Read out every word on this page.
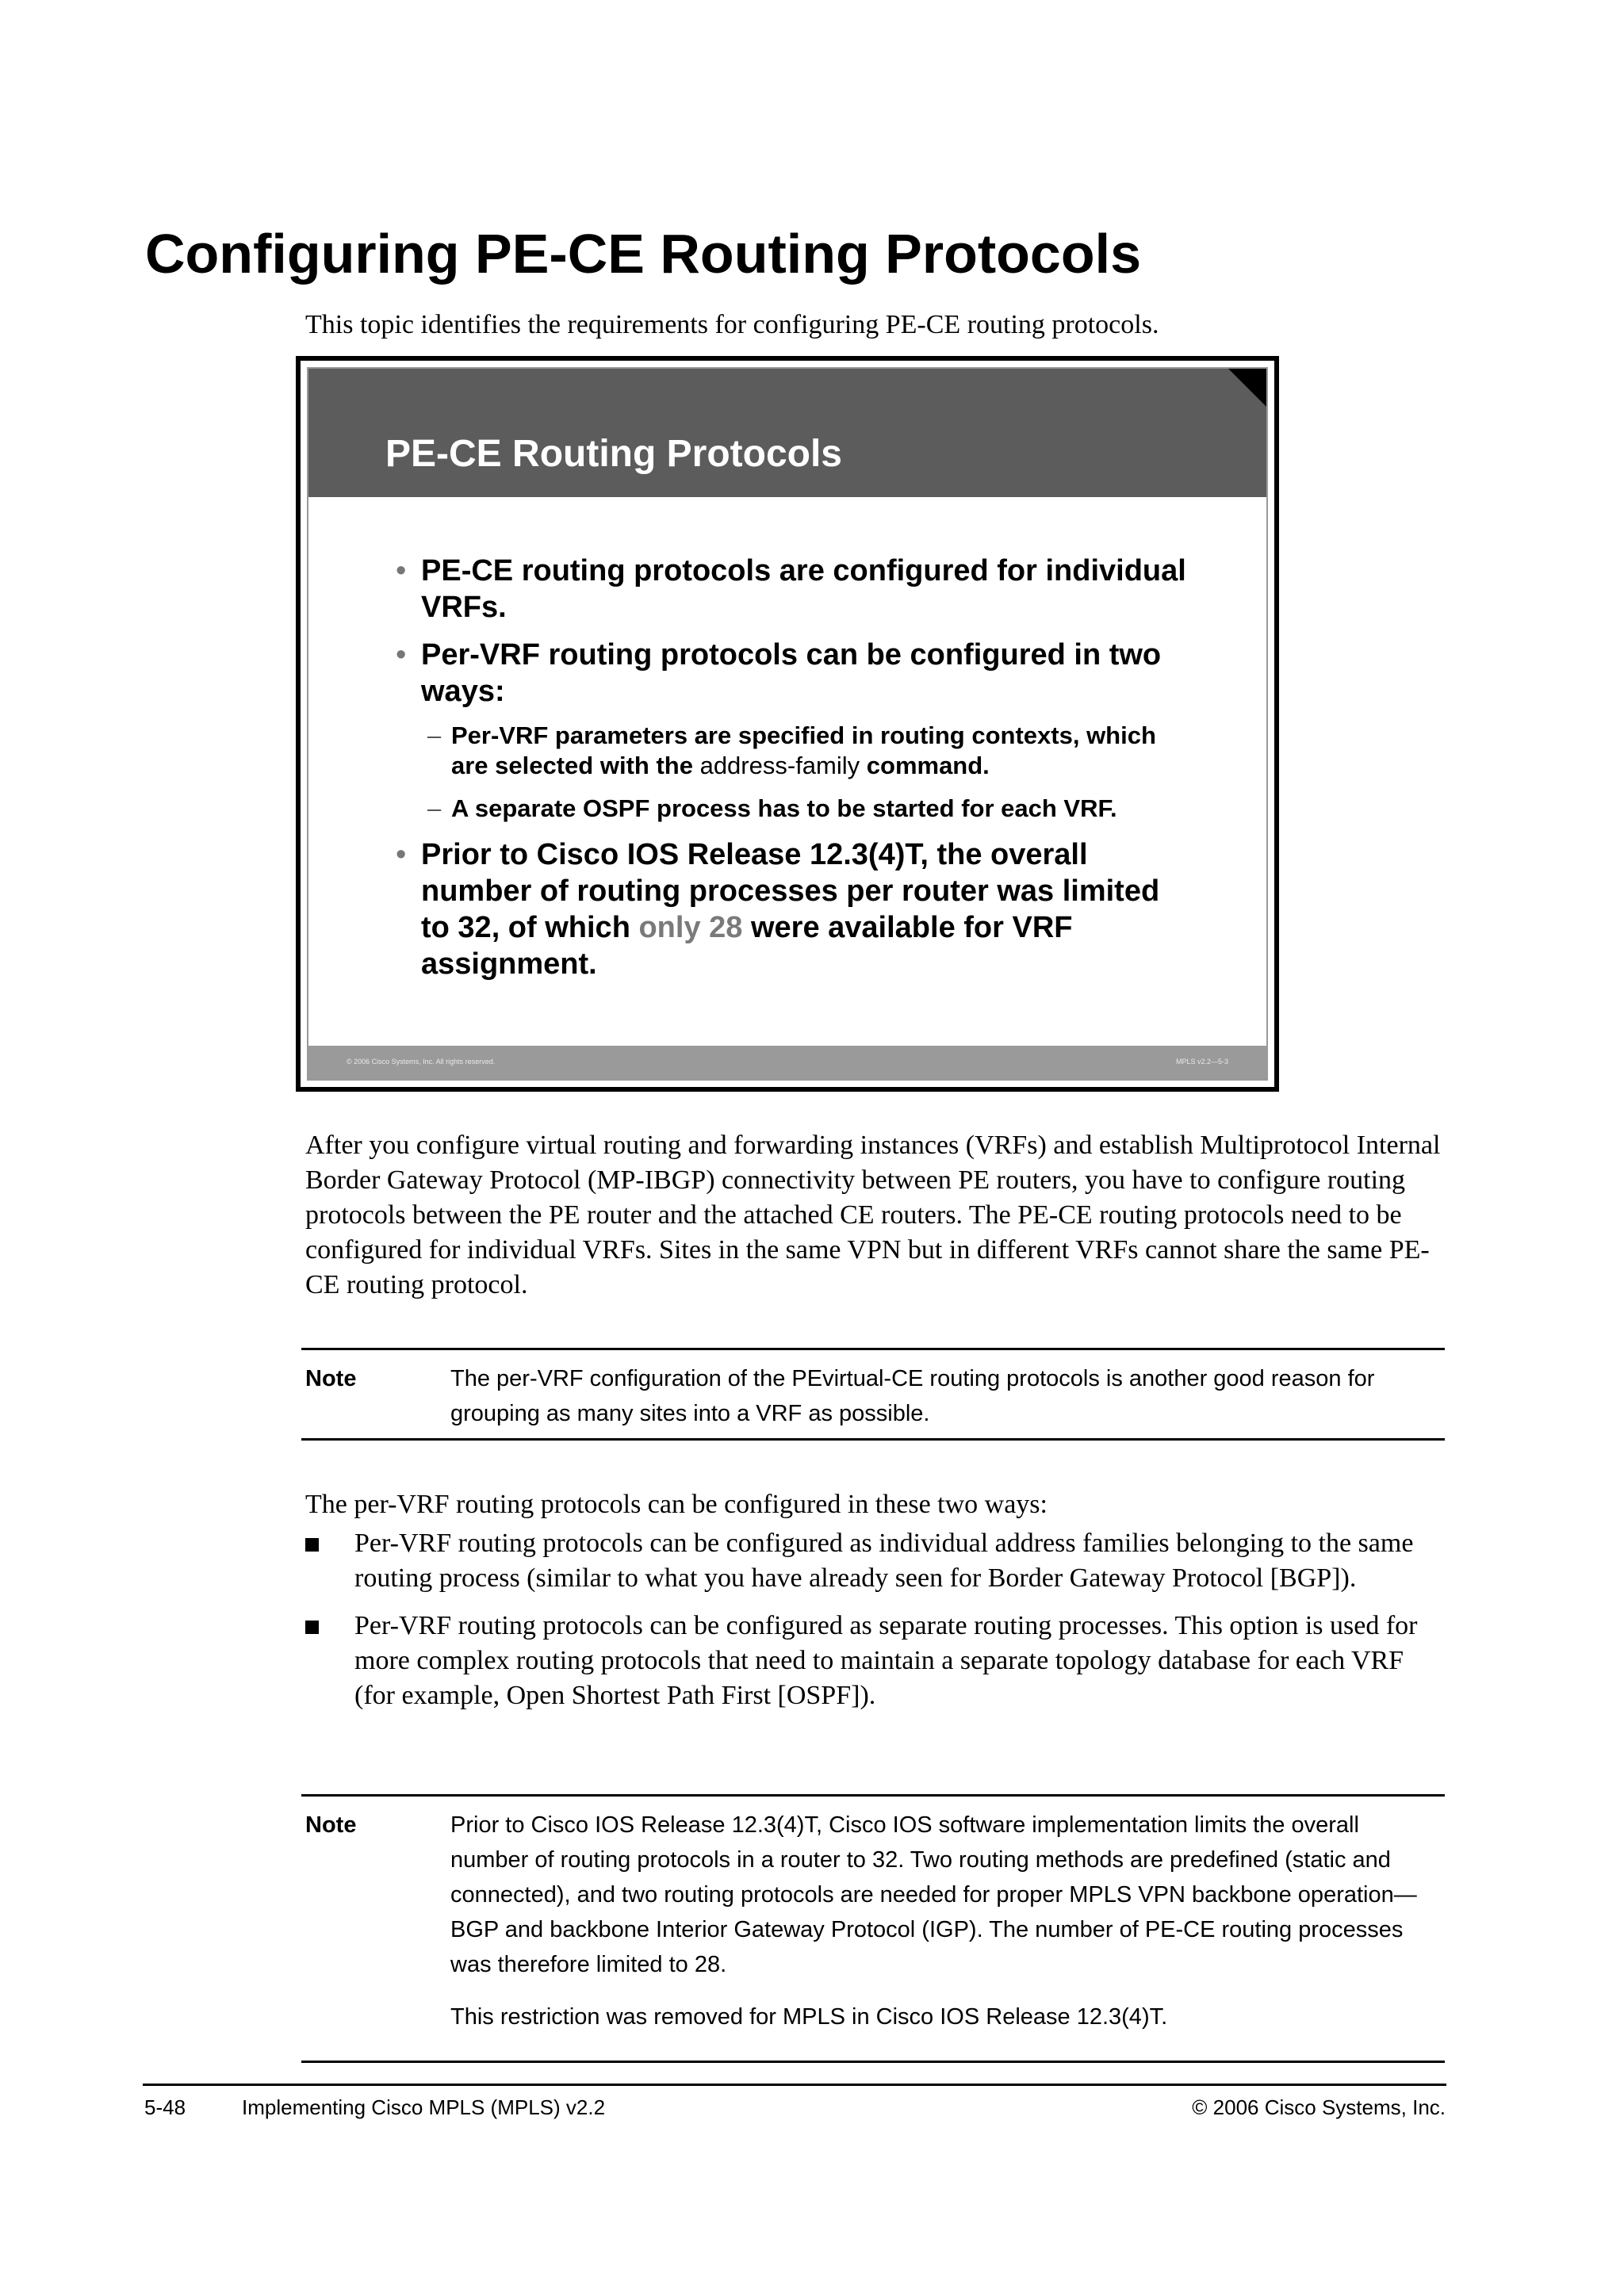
Configuring PE-CE Routing Protocols
This topic identifies the requirements for configuring PE-CE routing protocols.
PE-CE Routing Protocols
• PE-CE routing protocols are configured for individual VRFs.
• Per-VRF routing protocols can be configured in two ways:
– Per-VRF parameters are specified in routing contexts, which are selected with the address-family command.
– A separate OSPF process has to be started for each VRF.
• Prior to Cisco IOS Release 12.3(4)T, the overall number of routing processes per router was limited to 32, of which only 28 were available for VRF assignment.
© 2006 Cisco Systems, Inc. All rights reserved.	MPLS v2.2—5-3

After you configure virtual routing and forwarding instances (VRFs) and establish Multiprotocol Internal Border Gateway Protocol (MP-IBGP) connectivity between PE routers, you have to configure routing protocols between the PE router and the attached CE routers. The PE-CE routing protocols need to be configured for individual VRFs. Sites in the same VPN but in different VRFs cannot share the same PE-CE routing protocol.

Note	The per-VRF configuration of the PEvirtual-CE routing protocols is another good reason for grouping as many sites into a VRF as possible.

The per-VRF routing protocols can be configured in these two ways:

Per-VRF routing protocols can be configured as individual address families belonging to the same routing process (similar to what you have already seen for Border Gateway Protocol [BGP]).
Per-VRF routing protocols can be configured as separate routing processes. This option is used for more complex routing protocols that need to maintain a separate topology database for each VRF (for example, Open Shortest Path First [OSPF]).
Note	Prior to Cisco IOS Release 12.3(4)T, Cisco IOS software implementation limits the overall number of routing protocols in a router to 32. Two routing methods are predefined (static and connected), and two routing protocols are needed for proper MPLS VPN backbone operation—BGP and backbone Interior Gateway Protocol (IGP). The number of PE-CE routing processes was therefore limited to 28.
This restriction was removed for MPLS in Cisco IOS Release 12.3(4)T.
5-48	Implementing Cisco MPLS (MPLS) v2.2	© 2006 Cisco Systems, Inc.
